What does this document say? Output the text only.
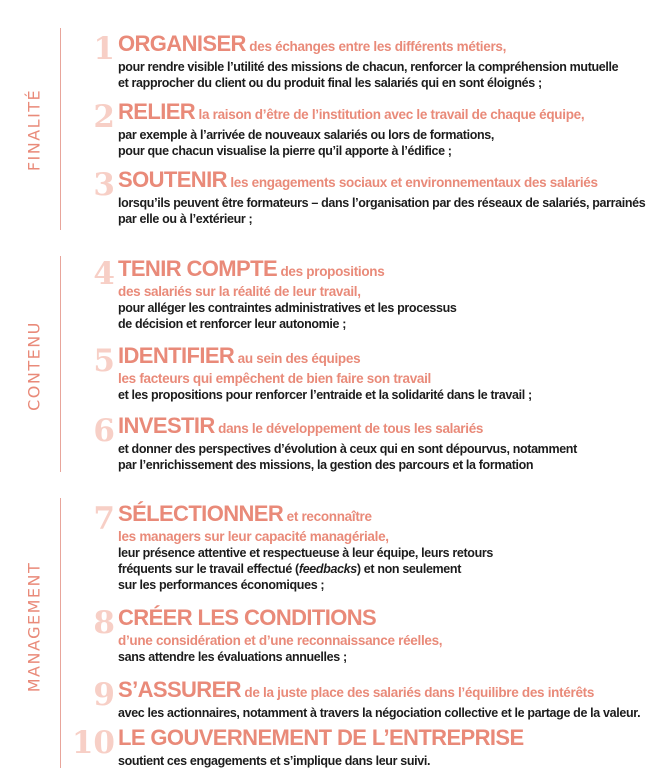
FINALITÉ
CONTENU
MANAGEMENT
1 ORGANISER des échanges entre les différents métiers,
pour rendre visible l’utilité des missions de chacun, renforcer la compréhension mutuelle
et rapprocher du client ou du produit final les salariés qui en sont éloignés ;
2 RELIER la raison d’être de l’institution avec le travail de chaque équipe,
par exemple à l’arrivée de nouveaux salariés ou lors de formations,
pour que chacun visualise la pierre qu’il apporte à l’édifice ;
3 SOUTENIR les engagements sociaux et environnementaux des salariés
lorsqu’ils peuvent être formateurs – dans l’organisation par des réseaux de salariés, parrainés
par elle ou à l’extérieur ;
4 TENIR COMPTE des propositions
des salariés sur la réalité de leur travail,
pour alléger les contraintes administratives et les processus
de décision et renforcer leur autonomie ;
5 IDENTIFIER au sein des équipes
les facteurs qui empêchent de bien faire son travail
et les propositions pour renforcer l’entraide et la solidarité dans le travail ;
6 INVESTIR dans le développement de tous les salariés
et donner des perspectives d’évolution à ceux qui en sont dépourvus, notamment
par l’enrichissement des missions, la gestion des parcours et la formation
7 SÉLECTIONNER et reconnaître
les managers sur leur capacité managériale,
leur présence attentive et respectueuse à leur équipe, leurs retours
fréquents sur le travail effectué (feedbacks) et non seulement
sur les performances économiques ;
8 CRÉER LES CONDITIONS
d’une considération et d’une reconnaissance réelles,
sans attendre les évaluations annuelles ;
9 S’ASSURER de la juste place des salariés dans l’équilibre des intérêts
avec les actionnaires, notamment à travers la négociation collective et le partage de la valeur.
10 LE GOUVERNEMENT DE L’ENTREPRISE
soutient ces engagements et s’implique dans leur suivi.
